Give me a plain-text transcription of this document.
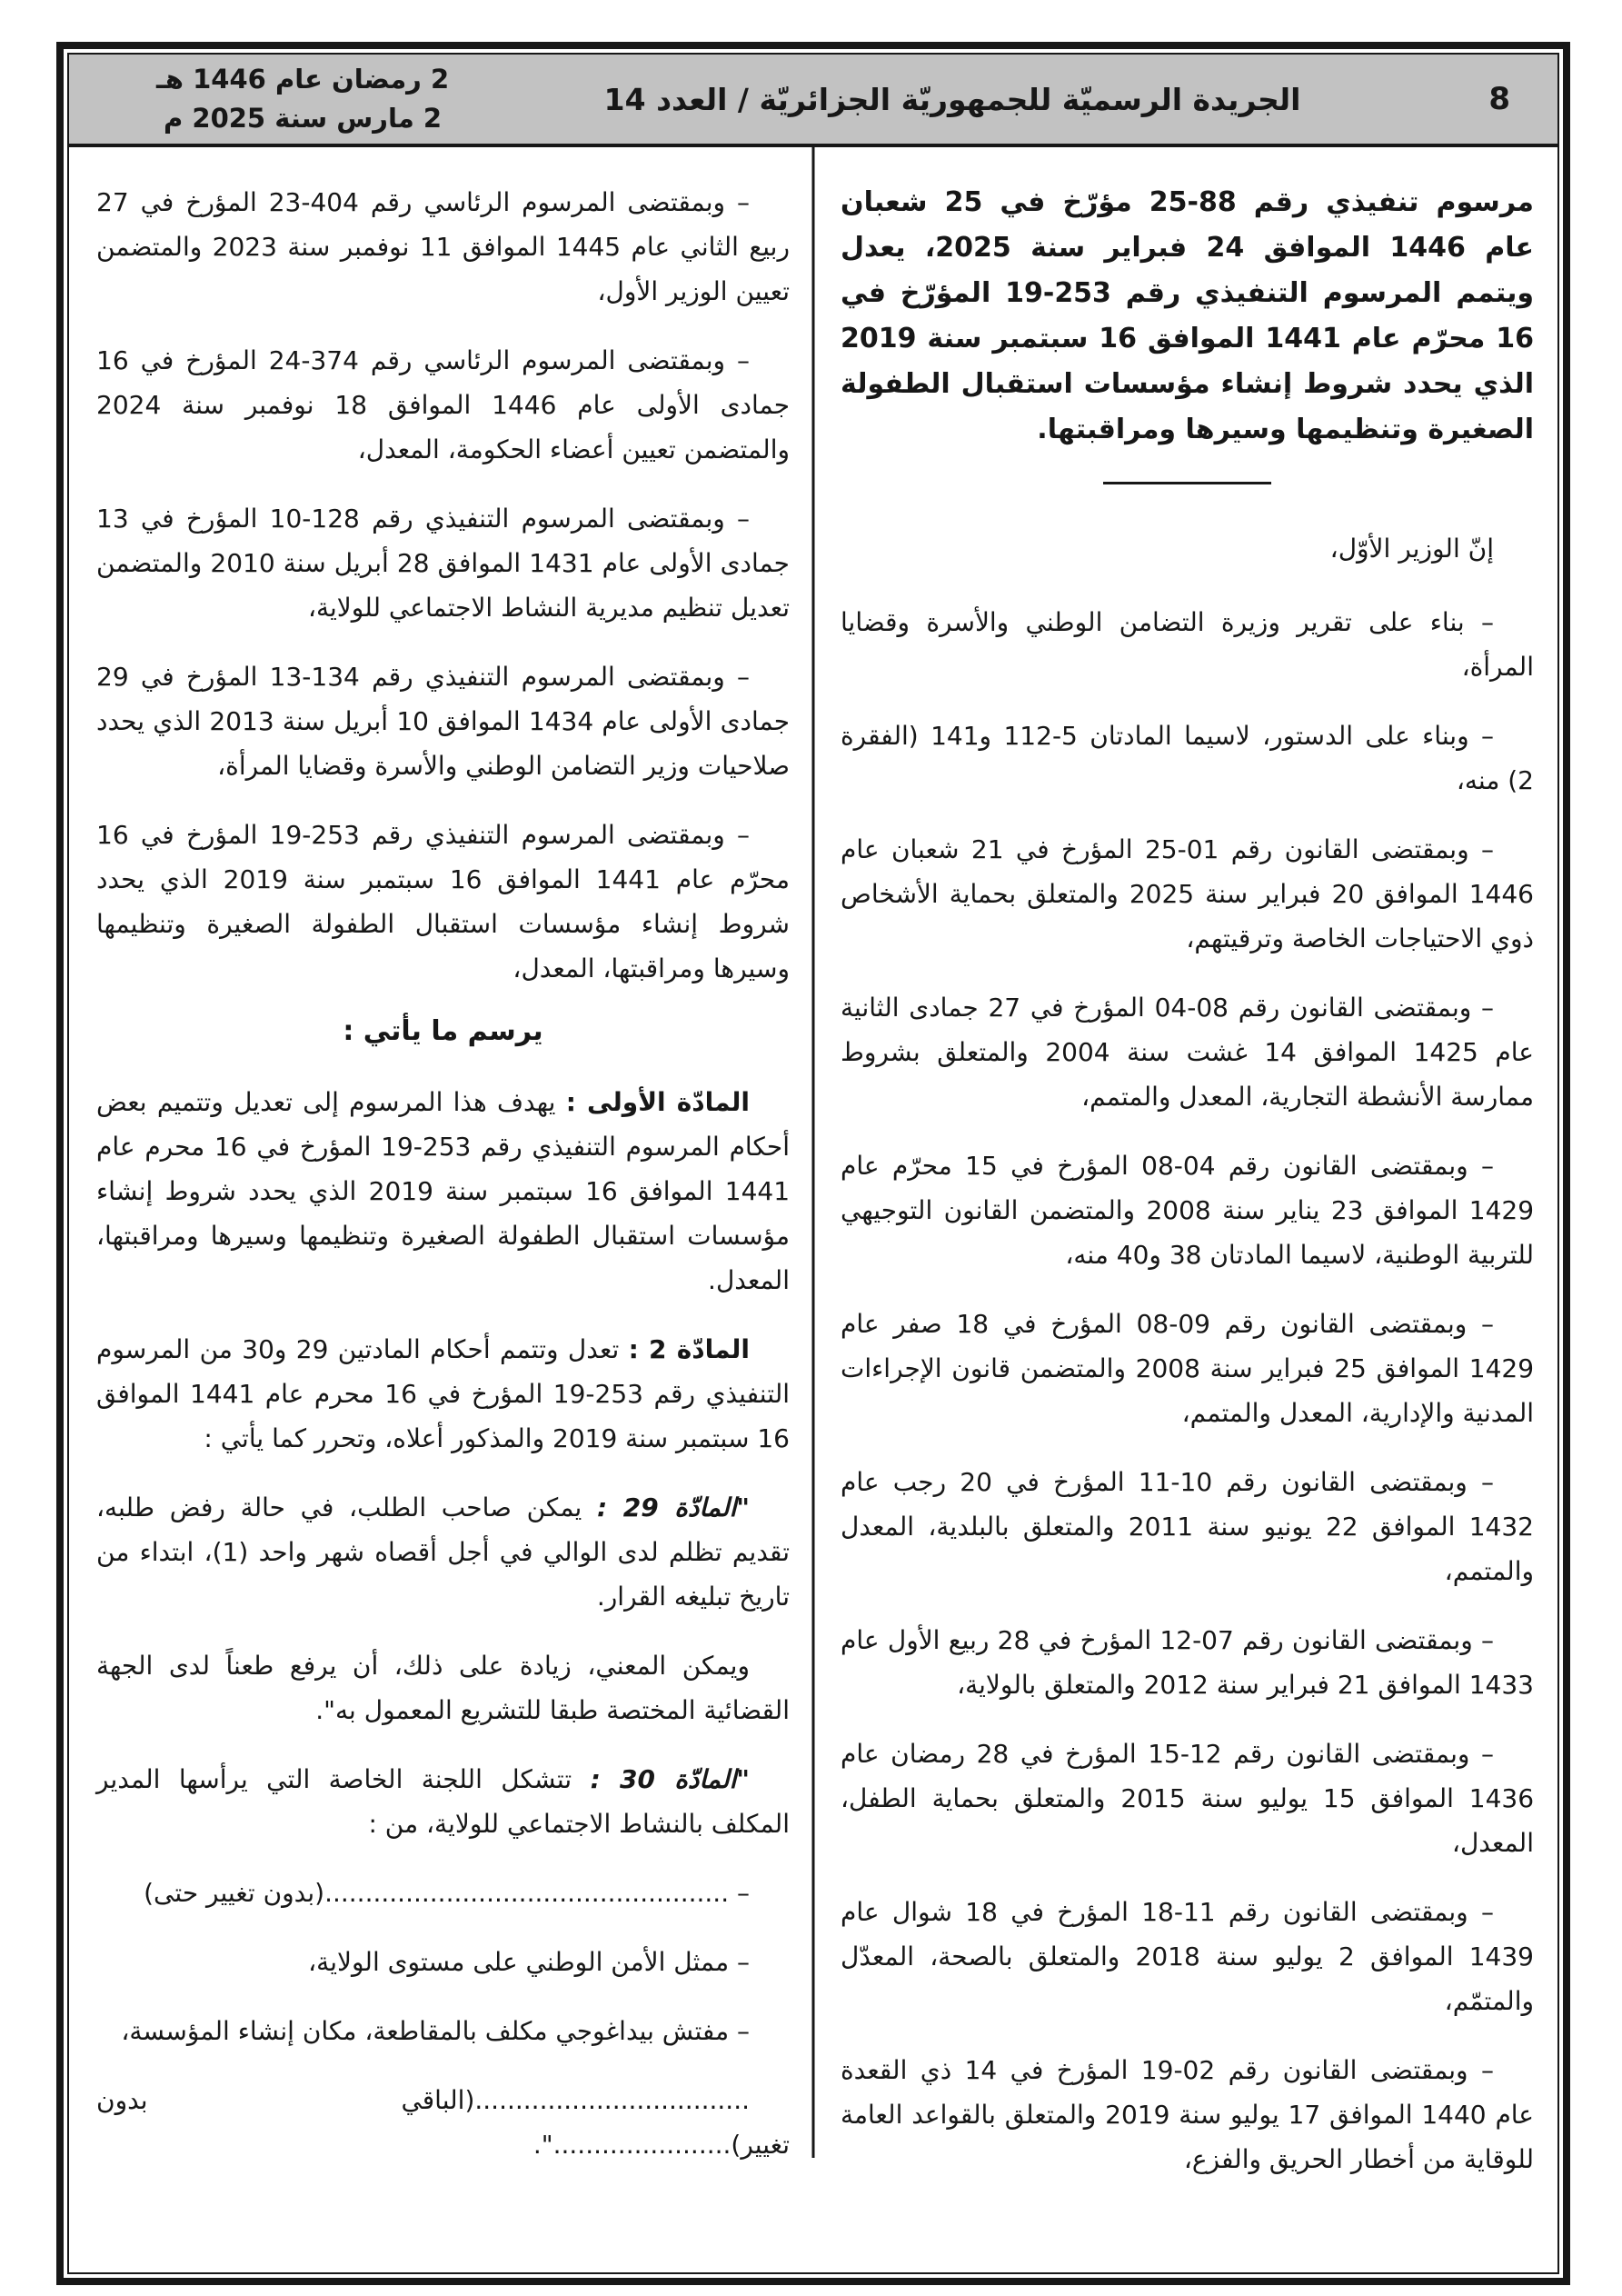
8
الجريدة الرسميّة للجمهوريّة الجزائريّة / العدد 14
2 رمضان عام 1446 هـ
2 مارس سنة 2025 م

مرسوم تنفيذي رقم 88-25 مؤرّخ في 25 شعبان عام 1446 الموافق 24 فبراير سنة 2025، يعدل ويتمم المرسوم التنفيذي رقم 253-19 المؤرّخ في 16 محرّم عام 1441 الموافق 16 سبتمبر سنة 2019 الذي يحدد شروط إنشاء مؤسسات استقبال الطفولة الصغيرة وتنظيمها وسيرها ومراقبتها.

إنّ الوزير الأوّل،

– بناء على تقرير وزيرة التضامن الوطني والأسرة وقضايا المرأة،

– وبناء على الدستور، لاسيما المادتان 5-112 و141 (الفقرة 2) منه،

– وبمقتضى القانون رقم 01-25 المؤرخ في 21 شعبان عام 1446 الموافق 20 فبراير سنة 2025 والمتعلق بحماية الأشخاص ذوي الاحتياجات الخاصة وترقيتهم،

– وبمقتضى القانون رقم 08-04 المؤرخ في 27 جمادى الثانية عام 1425 الموافق 14 غشت سنة 2004 والمتعلق بشروط ممارسة الأنشطة التجارية، المعدل والمتمم،

– وبمقتضى القانون رقم 04-08 المؤرخ في 15 محرّم عام 1429 الموافق 23 يناير سنة 2008 والمتضمن القانون التوجيهي للتربية الوطنية، لاسيما المادتان 38 و40 منه،

– وبمقتضى القانون رقم 09-08 المؤرخ في 18 صفر عام 1429 الموافق 25 فبراير سنة 2008 والمتضمن قانون الإجراءات المدنية والإدارية، المعدل والمتمم،

– وبمقتضى القانون رقم 10-11 المؤرخ في 20 رجب عام 1432 الموافق 22 يونيو سنة 2011 والمتعلق بالبلدية، المعدل والمتمم،

– وبمقتضى القانون رقم 07-12 المؤرخ في 28 ربيع الأول عام 1433 الموافق 21 فبراير سنة 2012 والمتعلق بالولاية،

– وبمقتضى القانون رقم 12-15 المؤرخ في 28 رمضان عام 1436 الموافق 15 يوليو سنة 2015 والمتعلق بحماية الطفل، المعدل،

– وبمقتضى القانون رقم 11-18 المؤرخ في 18 شوال عام 1439 الموافق 2 يوليو سنة 2018 والمتعلق بالصحة، المعدّل والمتمّم،

– وبمقتضى القانون رقم 02-19 المؤرخ في 14 ذي القعدة عام 1440 الموافق 17 يوليو سنة 2019 والمتعلق بالقواعد العامة للوقاية من أخطار الحريق والفزع،

– وبمقتضى المرسوم الرئاسي رقم 404-23 المؤرخ في 27 ربيع الثاني عام 1445 الموافق 11 نوفمبر سنة 2023 والمتضمن تعيين الوزير الأول،

– وبمقتضى المرسوم الرئاسي رقم 374-24 المؤرخ في 16 جمادى الأولى عام 1446 الموافق 18 نوفمبر سنة 2024 والمتضمن تعيين أعضاء الحكومة، المعدل،

– وبمقتضى المرسوم التنفيذي رقم 128-10 المؤرخ في 13 جمادى الأولى عام 1431 الموافق 28 أبريل سنة 2010 والمتضمن تعديل تنظيم مديرية النشاط الاجتماعي للولاية،

– وبمقتضى المرسوم التنفيذي رقم 134-13 المؤرخ في 29 جمادى الأولى عام 1434 الموافق 10 أبريل سنة 2013 الذي يحدد صلاحيات وزير التضامن الوطني والأسرة وقضايا المرأة،

– وبمقتضى المرسوم التنفيذي رقم 253-19 المؤرخ في 16 محرّم عام 1441 الموافق 16 سبتمبر سنة 2019 الذي يحدد شروط إنشاء مؤسسات استقبال الطفولة الصغيرة وتنظيمها وسيرها ومراقبتها، المعدل،

يرسم ما يأتي :

المادّة الأولى : يهدف هذا المرسوم إلى تعديل وتتميم بعض أحكام المرسوم التنفيذي رقم 253-19 المؤرخ في 16 محرم عام 1441 الموافق 16 سبتمبر سنة 2019 الذي يحدد شروط إنشاء مؤسسات استقبال الطفولة الصغيرة وتنظيمها وسيرها ومراقبتها، المعدل.

المادّة 2 : تعدل وتتمم أحكام المادتين 29 و30 من المرسوم التنفيذي رقم 253-19 المؤرخ في 16 محرم عام 1441 الموافق 16 سبتمبر سنة 2019 والمذكور أعلاه، وتحرر كما يأتي :

"المادّة 29 : يمكن صاحب الطلب، في حالة رفض طلبه، تقديم تظلم لدى الوالي في أجل أقصاه شهر واحد (1)، ابتداء من تاريخ تبليغه القرار.

ويمكن المعني، زيادة على ذلك، أن يرفع طعناً لدى الجهة القضائية المختصة طبقا للتشريع المعمول به".

"المادّة 30 : تتشكل اللجنة الخاصة التي يرأسها المدير المكلف بالنشاط الاجتماعي للولاية، من :

– ..................................................(بدون تغيير حتى)

– ممثل الأمن الوطني على مستوى الولاية،

– مفتش بيداغوجي مكلف بالمقاطعة، مكان إنشاء المؤسسة،

..................................(الباقي بدون تغيير)......................".
